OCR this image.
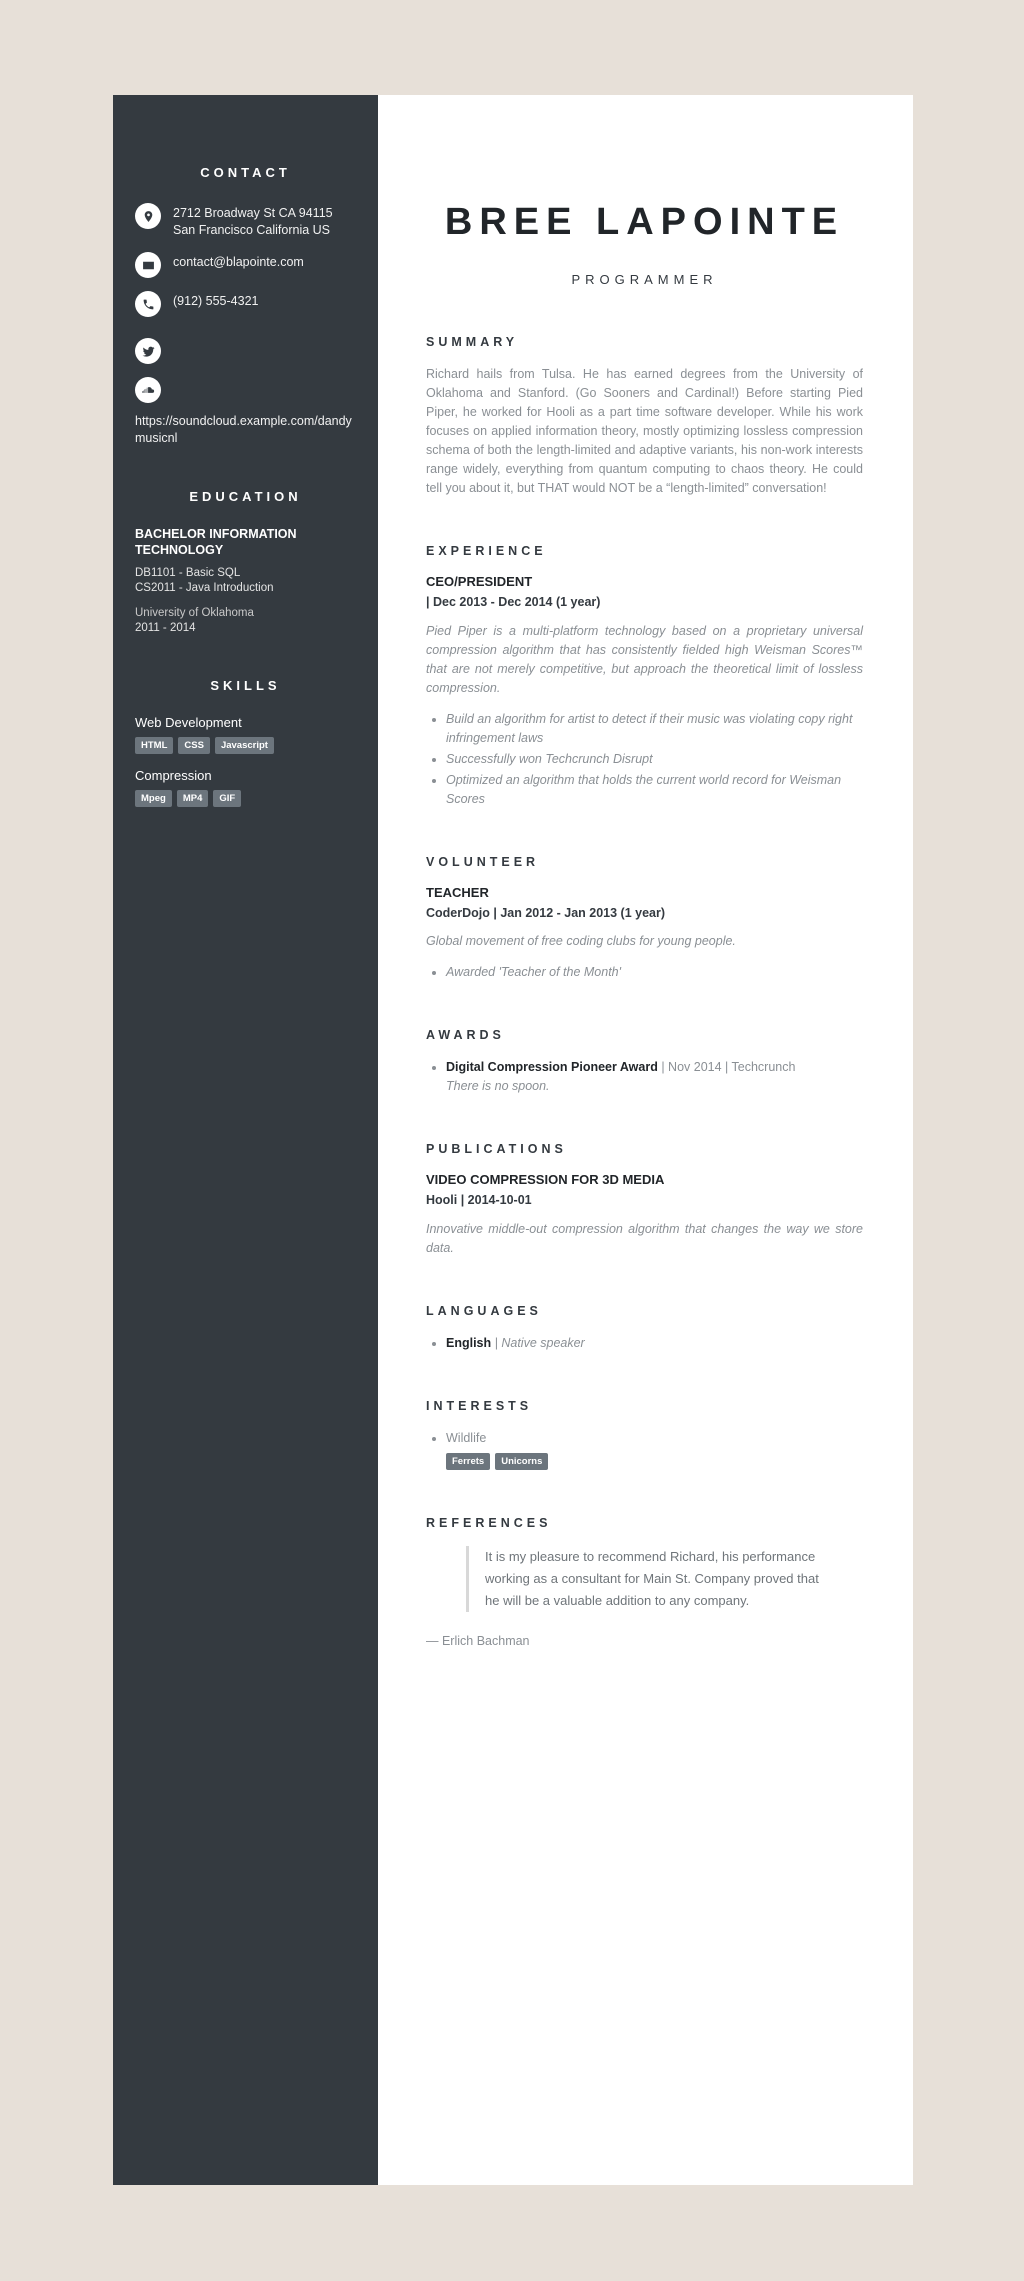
CONTACT
2712 Broadway St CA 94115 San Francisco California US
contact@blapointe.com
(912) 555-4321
https://soundcloud.example.com/dandymusicnl
EDUCATION
BACHELOR INFORMATION TECHNOLOGY
DB1101 - Basic SQL
CS2011 - Java Introduction
University of Oklahoma
2011 - 2014
SKILLS
Web Development
HTML	CSS	Javascript
Compression
Mpeg	MP4	GIF
BREE LAPOINTE
PROGRAMMER
SUMMARY

Richard hails from Tulsa. He has earned degrees from the University of Oklahoma and Stanford. (Go Sooners and Cardinal!) Before starting Pied Piper, he worked for Hooli as a part time software developer. While his work focuses on applied information theory, mostly optimizing lossless compression schema of both the length-limited and adaptive variants, his non-work interests range widely, everything from quantum computing to chaos theory. He could tell you about it, but THAT would NOT be a “length-limited” conversation!

EXPERIENCE
CEO/PRESIDENT
| Dec 2013 - Dec 2014 (1 year)

Pied Piper is a multi-platform technology based on a proprietary universal compression algorithm that has consistently fielded high Weisman Scores™ that are not merely competitive, but approach the theoretical limit of lossless compression.

• Build an algorithm for artist to detect if their music was violating copy right infringement laws
• Successfully won Techcrunch Disrupt
• Optimized an algorithm that holds the current world record for Weisman Scores
VOLUNTEER
TEACHER
CoderDojo | Jan 2012 - Jan 2013 (1 year)

Global movement of free coding clubs for young people.

• Awarded 'Teacher of the Month'
AWARDS
• Digital Compression Pioneer Award | Nov 2014 | Techcrunch
There is no spoon.
PUBLICATIONS
VIDEO COMPRESSION FOR 3D MEDIA
Hooli | 2014-10-01

Innovative middle-out compression algorithm that changes the way we store data.

LANGUAGES
• English | Native speaker
INTERESTS
• Wildlife
Ferrets	Unicorns
REFERENCES
It is my pleasure to recommend Richard, his performance working as a consultant for Main St. Company proved that he will be a valuable addition to any company.
— Erlich Bachman
